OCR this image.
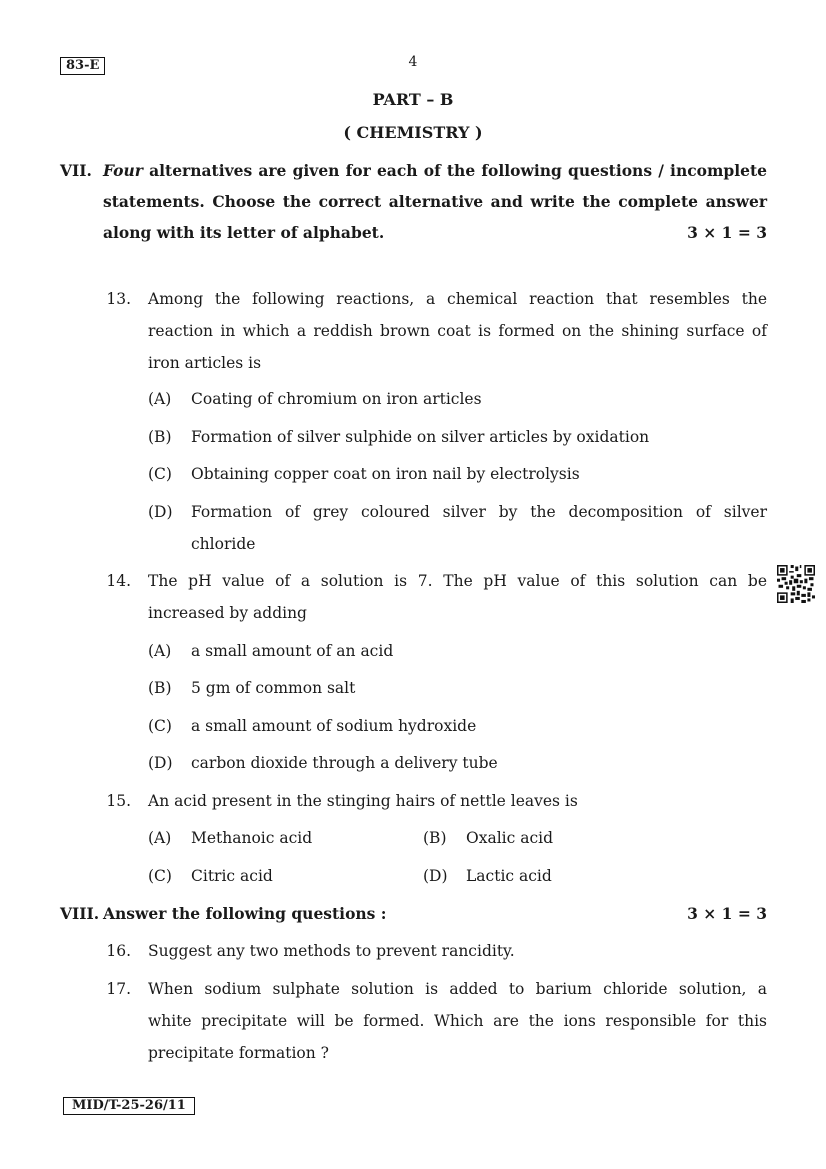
83-E	4
PART – B
( CHEMISTRY )
VII. Four alternatives are given for each of the following questions / incomplete
statements. Choose the correct alternative and write the complete answer
along with its letter of alphabet.	3 × 1 = 3
13. Among the following reactions, a chemical reaction that resembles the
reaction in which a reddish brown coat is formed on the shining surface of
iron articles is
(A)	Coating of chromium on iron articles
(B)	Formation of silver sulphide on silver articles by oxidation
(C)	Obtaining copper coat on iron nail by electrolysis
(D)	Formation of grey coloured silver by the decomposition of silver
chloride
14. The pH value of a solution is 7. The pH value of this solution can be
increased by adding
(A)	a small amount of an acid
(B)	5 gm of common salt
(C)	a small amount of sodium hydroxide
(D)	carbon dioxide through a delivery tube
15. An acid present in the stinging hairs of nettle leaves is
(A)	Methanoic acid	(B)	Oxalic acid
(C)	Citric acid	(D)	Lactic acid
VIII. Answer the following questions :	3 × 1 = 3
16. Suggest any two methods to prevent rancidity.
17. When sodium sulphate solution is added to barium chloride solution, a
white precipitate will be formed. Which are the ions responsible for this
precipitate formation ?
MID/T-25-26/11
